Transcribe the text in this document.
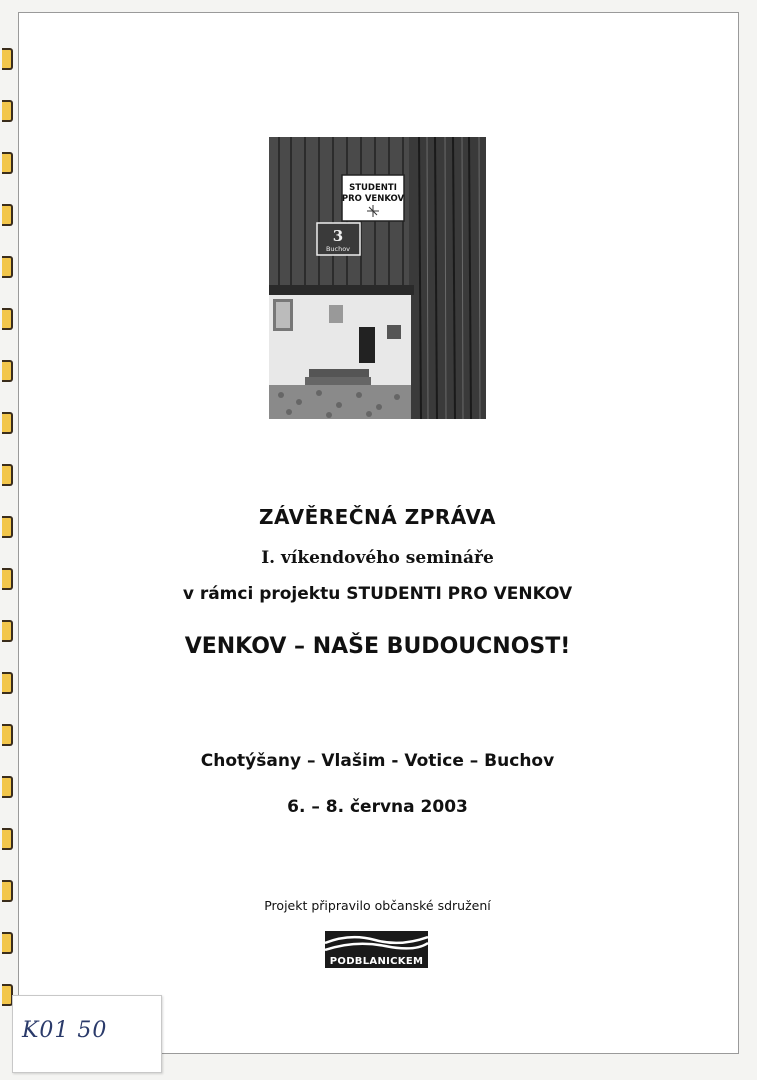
STUDENTI
PRO VENKOV
3
Buchov
ZÁVĚREČNÁ ZPRÁVA
I. víkendového semináře
v rámci projektu STUDENTI PRO VENKOV
VENKOV – NAŠE BUDOUCNOST!
Chotýšany – Vlašim - Votice – Buchov
6. – 8. června 2003
Projekt připravilo občanské sdružení
PODBLANICKEM
K01 50
